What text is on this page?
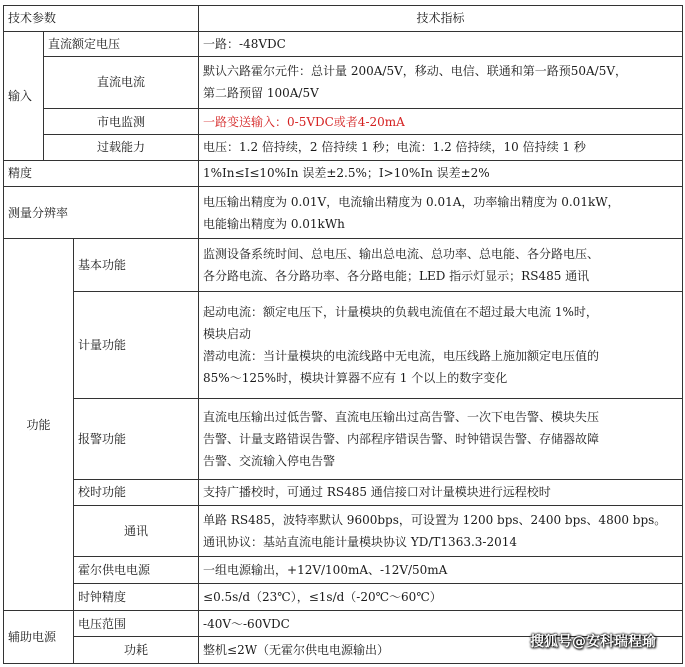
技术参数			技术指标
输入	直流额定电压		一路：-48VDC
	直流电流		默认六路霍尔元件：总计量 200A/5V，移动、电信、联通和第一路预50A/5V，
第二路预留 100A/5V

	市电监测		一路变送输入：0-5VDC或者4-20mA
	过载能力		电压：1.2 倍持续，2 倍持续 1 秒；电流：1.2 倍持续，10 倍持续 1 秒
精度			1%In≤I≤10%In 误差±2.5%；I>10%In 误差±2%
测量分辨率			电压输出精度为 0.01V，电流输出精度为 0.01A，功率输出精度为 0.01kW，
电能输出精度为 0.01kWh

功能		基本功能	监测设备系统时间、总电压、输出总电流、总功率、总电能、各分路电压、
各分路电流、各分路功率、各分路电能；LED 指示灯显示；RS485 通讯

		计量功能	起动电流：额定电压下，计量模块的负载电流值在不超过最大电流 1%时，
模块启动
潜动电流：当计量模块的电流线路中无电流，电压线路上施加额定电压值的
85%～125%时，模块计算器不应有 1 个以上的数字变化

		报警功能	直流电压输出过低告警、直流电压输出过高告警、一次下电告警、模块失压
告警、计量支路错误告警、内部程序错误告警、时钟错误告警、存储器故障
告警、交流输入停电告警

		校时功能	支持广播校时，可通过 RS485 通信接口对计量模块进行远程校时
		通讯	单路 RS485，波特率默认 9600bps，可设置为 1200 bps、2400 bps、4800 bps。
通讯协议：基站直流电能计量模块协议 YD/T1363.3-2014

		霍尔供电电源	一组电源输出，+12V/100mA、-12V/50mA
		时钟精度	≤0.5s/d（23℃），≤1s/d（-20℃～60℃）
辅助电源		电压范围	-40V～-60VDC
		功耗	整机≤2W（无霍尔供电电源输出）	搜狐号@安科瑞程瑜
